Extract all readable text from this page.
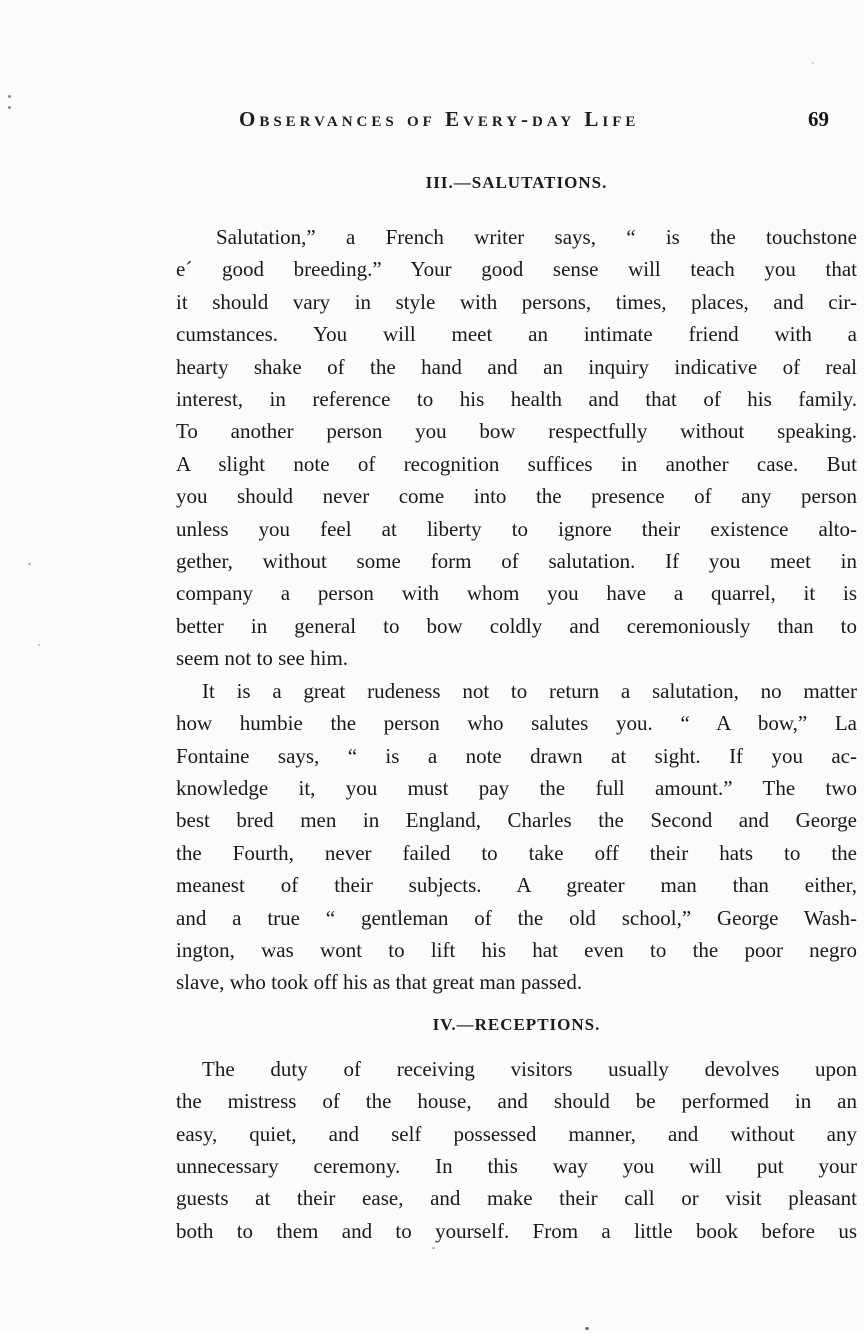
Observances of Every-day Life	69
III.—SALUTATIONS.
Salutation,” a French writer says, “ is the touchstone
e´ good breeding.” Your good sense will teach you that
it should vary in style with persons, times, places, and cir-
cumstances. You will meet an intimate friend with a
hearty shake of the hand and an inquiry indicative of real
interest, in reference to his health and that of his family.
To another person you bow respectfully without speaking.
A slight note of recognition suffices in another case. But
you should never come into the presence of any person
unless you feel at liberty to ignore their existence alto-
gether, without some form of salutation. If you meet in
company a person with whom you have a quarrel, it is
better in general to bow coldly and ceremoniously than to
seem not to see him.
It is a great rudeness not to return a salutation, no matter
how humbie the person who salutes you. “ A bow,” La
Fontaine says, “ is a note drawn at sight. If you ac-
knowledge it, you must pay the full amount.” The two
best bred men in England, Charles the Second and George
the Fourth, never failed to take off their hats to the
meanest of their subjects. A greater man than either,
and a true “ gentleman of the old school,” George Wash-
ington, was wont to lift his hat even to the poor negro
slave, who took off his as that great man passed.
IV.—RECEPTIONS.
The duty of receiving visitors usually devolves upon
the mistress of the house, and should be performed in an
easy, quiet, and self possessed manner, and without any
unnecessary ceremony. In this way you will put your
guests at their ease, and make their call or visit pleasant
both to them and to yourself. From a little book before us
